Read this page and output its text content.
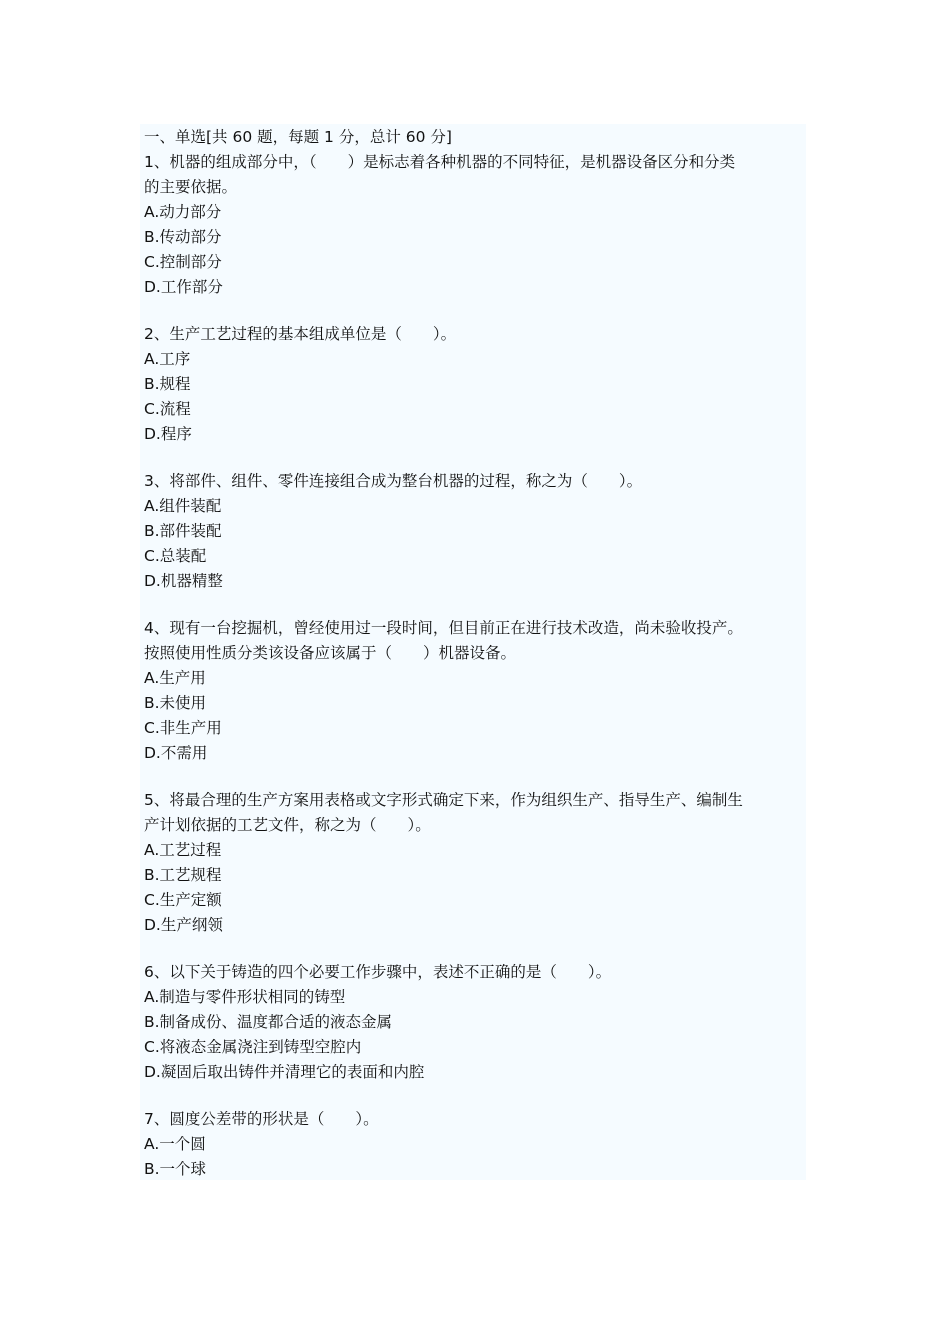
一、单选[共 60 题，每题 1 分，总计 60 分]
1、机器的组成部分中，（　　）是标志着各种机器的不同特征，是机器设备区分和分类
的主要依据。
A.动力部分
B.传动部分
C.控制部分
D.工作部分
2、生产工艺过程的基本组成单位是（　　）。
A.工序
B.规程
C.流程
D.程序
3、将部件、组件、零件连接组合成为整台机器的过程，称之为（　　）。
A.组件装配
B.部件装配
C.总装配
D.机器精整
4、现有一台挖掘机，曾经使用过一段时间，但目前正在进行技术改造，尚未验收投产。
按照使用性质分类该设备应该属于（　　）机器设备。
A.生产用
B.未使用
C.非生产用
D.不需用
5、将最合理的生产方案用表格或文字形式确定下来，作为组织生产、指导生产、编制生
产计划依据的工艺文件，称之为（　　）。
A.工艺过程
B.工艺规程
C.生产定额
D.生产纲领
6、以下关于铸造的四个必要工作步骤中，表述不正确的是（　　）。
A.制造与零件形状相同的铸型
B.制备成份、温度都合适的液态金属
C.将液态金属浇注到铸型空腔内
D.凝固后取出铸件并清理它的表面和内腔
7、圆度公差带的形状是（　　）。
A.一个圆
B.一个球
